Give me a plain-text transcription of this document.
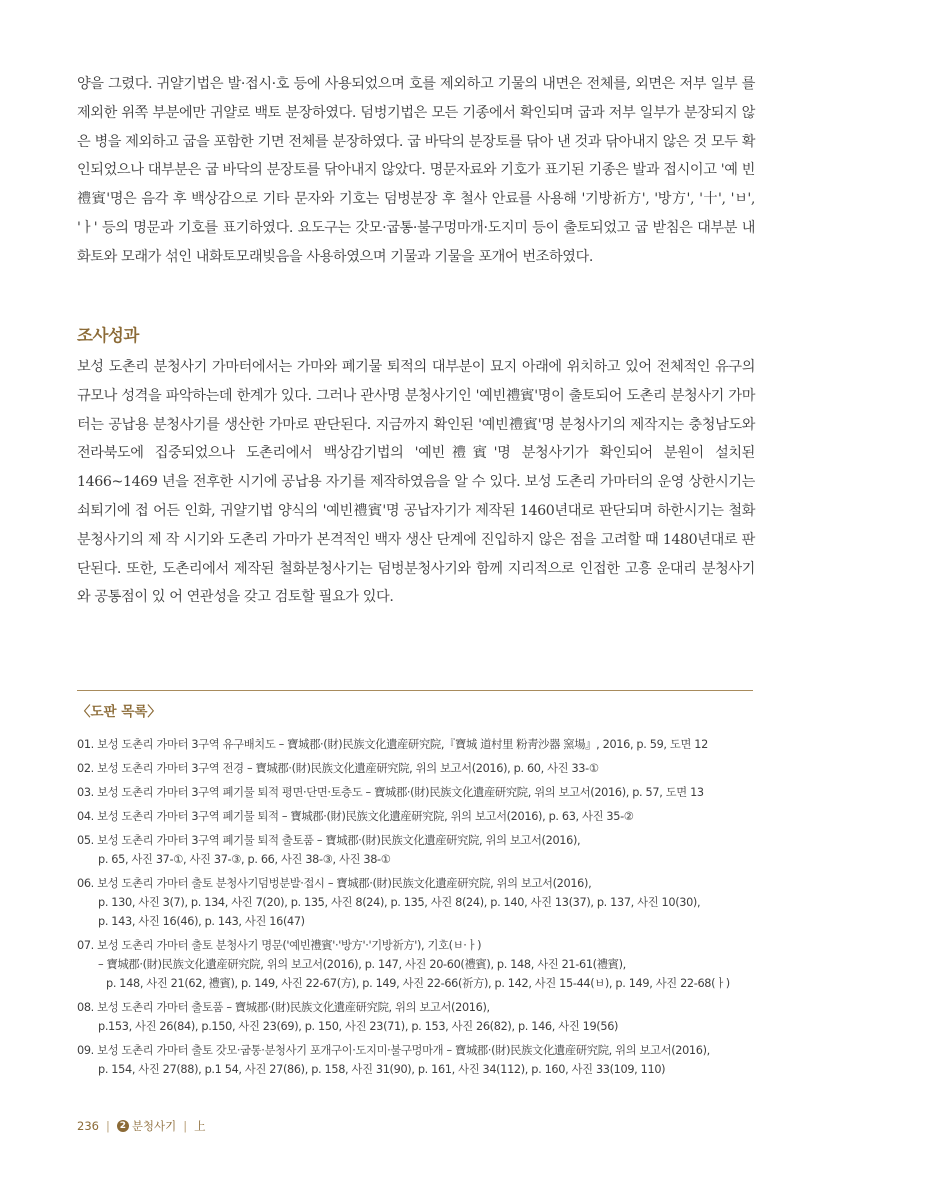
양을 그렸다. 귀얄기법은 발·접시·호 등에 사용되었으며 호를 제외하고 기물의 내면은 전체를, 외면은 저부 일부 를 제외한 위쪽 부분에만 귀얄로 백토 분장하였다. 덤벙기법은 모든 기종에서 확인되며 굽과 저부 일부가 분장되지 않은 병을 제외하고 굽을 포함한 기면 전체를 분장하였다. 굽 바닥의 분장토를 닦아 낸 것과 닦아내지 않은 것 모두 확인되었으나 대부분은 굽 바닥의 분장토를 닦아내지 않았다. 명문자료와 기호가 표기된 기종은 발과 접시이고 '예 빈禮賓'명은 음각 후 백상감으로 기타 문자와 기호는 덤벙분장 후 철사 안료를 사용해 '기방祈方', '방方', '十', 'ㅂ', 'ㅏ' 등의 명문과 기호를 표기하였다. 요도구는 갓모·굽통·불구멍마개·도지미 등이 출토되었고 굽 받침은 대부분 내화토와 모래가 섞인 내화토모래빚음을 사용하였으며 기물과 기물을 포개어 번조하였다.

조사성과

보성 도촌리 분청사기 가마터에서는 가마와 폐기물 퇴적의 대부분이 묘지 아래에 위치하고 있어 전체적인 유구의 규모나 성격을 파악하는데 한계가 있다. 그러나 관사명 분청사기인 '예빈禮賓'명이 출토되어 도촌리 분청사기 가마 터는 공납용 분청사기를 생산한 가마로 판단된다. 지금까지 확인된 '예빈禮賓'명 분청사기의 제작지는 충청남도와 전라북도에 집중되었으나 도촌리에서 백상감기법의 '예빈禮賓'명 분청사기가 확인되어 분원이 설치된 1466~1469 년을 전후한 시기에 공납용 자기를 제작하였음을 알 수 있다. 보성 도촌리 가마터의 운영 상한시기는 쇠퇴기에 접 어든 인화, 귀얄기법 양식의 '예빈禮賓'명 공납자기가 제작된 1460년대로 판단되며 하한시기는 철화분청사기의 제 작 시기와 도촌리 가마가 본격적인 백자 생산 단계에 진입하지 않은 점을 고려할 때 1480년대로 판단된다. 또한, 도촌리에서 제작된 철화분청사기는 덤벙분청사기와 함께 지리적으로 인접한 고흥 운대리 분청사기와 공통점이 있 어 연관성을 갖고 검토할 필요가 있다.

〈도판 목록〉
01. 보성 도촌리 가마터 3구역 유구배치도 – 寶城郡·(財)民族文化遺産研究院,『寶城 道村里 粉靑沙器 窯場』, 2016, p. 59, 도면 12
02. 보성 도촌리 가마터 3구역 전경 – 寶城郡·(財)民族文化遺産研究院, 위의 보고서(2016), p. 60, 사진 33-①
03. 보성 도촌리 가마터 3구역 폐기물 퇴적 평면·단면·토층도 – 寶城郡·(財)民族文化遺産研究院, 위의 보고서(2016), p. 57, 도면 13
04. 보성 도촌리 가마터 3구역 폐기물 퇴적 – 寶城郡·(財)民族文化遺産研究院, 위의 보고서(2016), p. 63, 사진 35-②
05. 보성 도촌리 가마터 3구역 폐기물 퇴적 출토품 – 寶城郡·(財)民族文化遺産研究院, 위의 보고서(2016),
p. 65, 사진 37-①, 사진 37-③, p. 66, 사진 38-③, 사진 38-①
06. 보성 도촌리 가마터 출토 분청사기덤벙분발·접시 – 寶城郡·(財)民族文化遺産研究院, 위의 보고서(2016),
p. 130, 사진 3(7), p. 134, 사진 7(20), p. 135, 사진 8(24), p. 135, 사진 8(24), p. 140, 사진 13(37), p. 137, 사진 10(30),
p. 143, 사진 16(46), p. 143, 사진 16(47)
07. 보성 도촌리 가마터 출토 분청사기 명문('예빈禮賓'·'방方'·'기방祈方'), 기호(ㅂ·ㅏ)
– 寶城郡·(財)民族文化遺産研究院, 위의 보고서(2016), p. 147, 사진 20-60(禮賓), p. 148, 사진 21-61(禮賓),
p. 148, 사진 21(62, 禮賓), p. 149, 사진 22-67(方), p. 149, 사진 22-66(祈方), p. 142, 사진 15-44(ㅂ), p. 149, 사진 22-68(ㅏ)
08. 보성 도촌리 가마터 출토품 – 寶城郡·(財)民族文化遺産研究院, 위의 보고서(2016),
p.153, 사진 26(84), p.150, 사진 23(69), p. 150, 사진 23(71), p. 153, 사진 26(82), p. 146, 사진 19(56)
09. 보성 도촌리 가마터 출토 갓모·굽통·분청사기 포개구이·도지미·불구멍마개 – 寶城郡·(財)民族文化遺産研究院, 위의 보고서(2016),
p. 154, 사진 27(88), p.1 54, 사진 27(86), p. 158, 사진 31(90), p. 161, 사진 34(112), p. 160, 사진 33(109, 110)
236 |	2 분청사기 | 上
